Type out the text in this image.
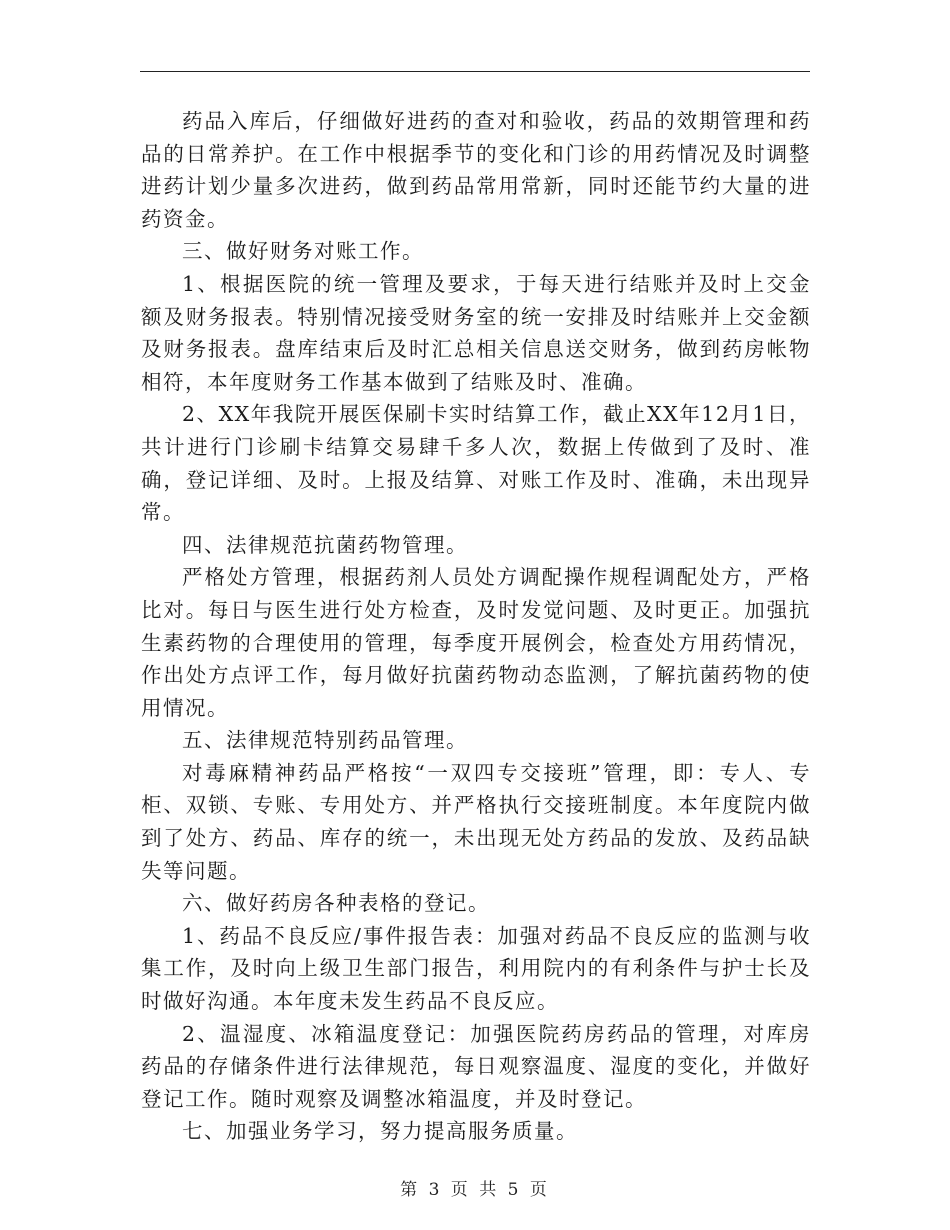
药品入库后，仔细做好进药的查对和验收，药品的效期管理和药品的日常养护。在工作中根据季节的变化和门诊的用药情况及时调整进药计划少量多次进药，做到药品常用常新，同时还能节约大量的进药资金。

三、做好财务对账工作。

1、根据医院的统一管理及要求，于每天进行结账并及时上交金额及财务报表。特别情况接受财务室的统一安排及时结账并上交金额及财务报表。盘库结束后及时汇总相关信息送交财务，做到药房帐物相符，本年度财务工作基本做到了结账及时、准确。

2、XX年我院开展医保刷卡实时结算工作，截止XX年12月1日，共计进行门诊刷卡结算交易肆千多人次，数据上传做到了及时、准确，登记详细、及时。上报及结算、对账工作及时、准确，未出现异常。

四、法律规范抗菌药物管理。

严格处方管理，根据药剂人员处方调配操作规程调配处方，严格比对。每日与医生进行处方检查，及时发觉问题、及时更正。加强抗生素药物的合理使用的管理，每季度开展例会，检查处方用药情况，作出处方点评工作，每月做好抗菌药物动态监测，了解抗菌药物的使用情况。

五、法律规范特别药品管理。

对毒麻精神药品严格按“一双四专交接班”管理，即：专人、专柜、双锁、专账、专用处方、并严格执行交接班制度。本年度院内做到了处方、药品、库存的统一，未出现无处方药品的发放、及药品缺失等问题。

六、做好药房各种表格的登记。

1、药品不良反应/事件报告表：加强对药品不良反应的监测与收集工作，及时向上级卫生部门报告，利用院内的有利条件与护士长及时做好沟通。本年度未发生药品不良反应。

2、温湿度、冰箱温度登记：加强医院药房药品的管理，对库房药品的存储条件进行法律规范，每日观察温度、湿度的变化，并做好登记工作。随时观察及调整冰箱温度，并及时登记。

七、加强业务学习，努力提高服务质量。

第 3 页 共 5 页
